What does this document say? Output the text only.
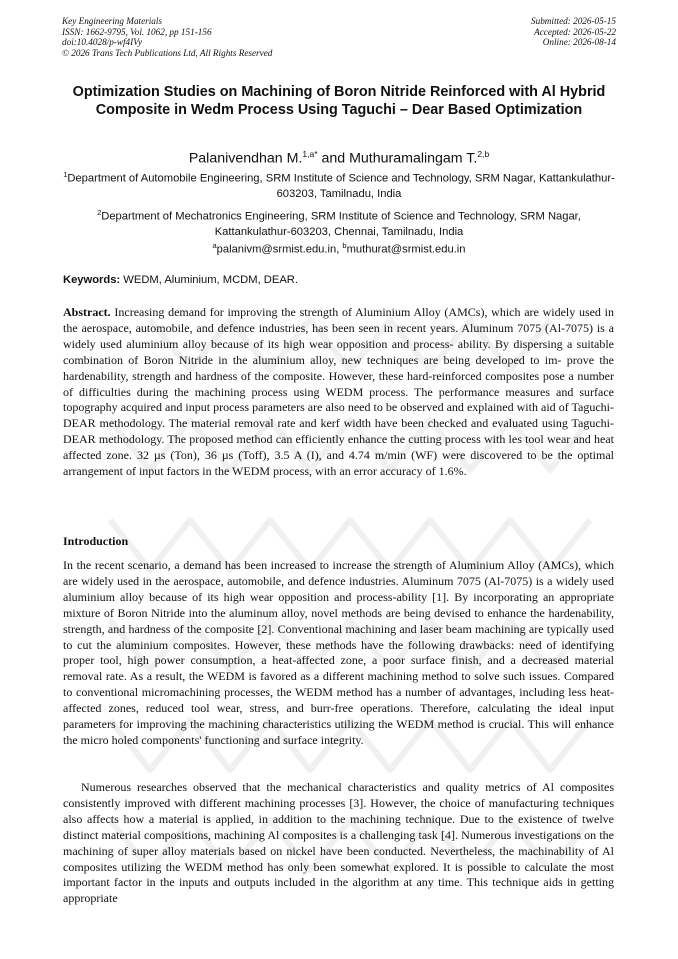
Key Engineering Materials
ISSN: 1662-9795, Vol. 1062, pp 151-156
doi:10.4028/p-wf4IVy
© 2026 Trans Tech Publications Ltd, All Rights Reserved
Submitted: 2026-05-15
Accepted: 2026-05-22
Online: 2026-08-14
Optimization Studies on Machining of Boron Nitride Reinforced with Al Hybrid Composite in Wedm Process Using Taguchi – Dear Based Optimization
Palanivendhan M.$^{1,a*}$ and Muthuramalingam T.$^{2,b}$
$^1$Department of Automobile Engineering, SRM Institute of Science and Technology, SRM Nagar, Kattankulathur-603203, Tamilnadu, India
$^2$Department of Mechatronics Engineering, SRM Institute of Science and Technology, SRM Nagar, Kattankulathur-603203, Chennai, Tamilnadu, India
$^a$palanivm@srmist.edu.in, $^b$muthurat@srmist.edu.in
Keywords: WEDM, Aluminium, MCDM, DEAR.
Abstract. Increasing demand for improving the strength of Aluminium Alloy (AMCs), which are widely used in the aerospace, automobile, and defence industries, has been seen in recent years. Aluminum 7075 (Al-7075) is a widely used aluminium alloy because of its high wear opposition and process- ability. By dispersing a suitable combination of Boron Nitride in the aluminium alloy, new techniques are being developed to im- prove the hardenability, strength and hardness of the composite. However, these hard-reinforced composites pose a number of difficulties during the machining process using WEDM process. The performance measures and surface topography acquired and input process parameters are also need to be observed and explained with aid of Taguchi-DEAR methodology. The material removal rate and kerf width have been checked and evaluated using Taguchi-DEAR methodology. The proposed method can efficiently enhance the cutting process with les tool wear and heat affected zone. 32 µs (Ton), 36 µs (Toff), 3.5 A (I), and 4.74 m/min (WF) were discovered to be the optimal arrangement of input factors in the WEDM process, with an error accuracy of 1.6%.
Introduction
In the recent scenario, a demand has been increased to increase the strength of Aluminium Alloy (AMCs), which are widely used in the aerospace, automobile, and defence industries. Aluminum 7075 (Al-7075) is a widely used aluminium alloy because of its high wear opposition and process-ability [1]. By incorporating an appropriate mixture of Boron Nitride into the aluminum alloy, novel methods are being devised to enhance the hardenability, strength, and hardness of the composite [2]. Conventional machining and laser beam machining are typically used to cut the aluminium composites. However, these methods have the following drawbacks: need of identifying proper tool, high power consumption, a heat-affected zone, a poor surface finish, and a decreased material removal rate. As a result, the WEDM is favored as a different machining method to solve such issues. Compared to conventional micromachining processes, the WEDM method has a number of advantages, including less heat-affected zones, reduced tool wear, stress, and burr-free operations. Therefore, calculating the ideal input parameters for improving the machining characteristics utilizing the WEDM method is crucial. This will enhance the micro holed components' functioning and surface integrity.
Numerous researches observed that the mechanical characteristics and quality metrics of Al composites consistently improved with different machining processes [3]. However, the choice of manufacturing techniques also affects how a material is applied, in addition to the machining technique. Due to the existence of twelve distinct material compositions, machining Al composites is a challenging task [4]. Numerous investigations on the machining of super alloy materials based on nickel have been conducted. Nevertheless, the machinability of Al composites utilizing the WEDM method has only been somewhat explored. It is possible to calculate the most important factor in the inputs and outputs included in the algorithm at any time. This technique aids in getting appropriate
